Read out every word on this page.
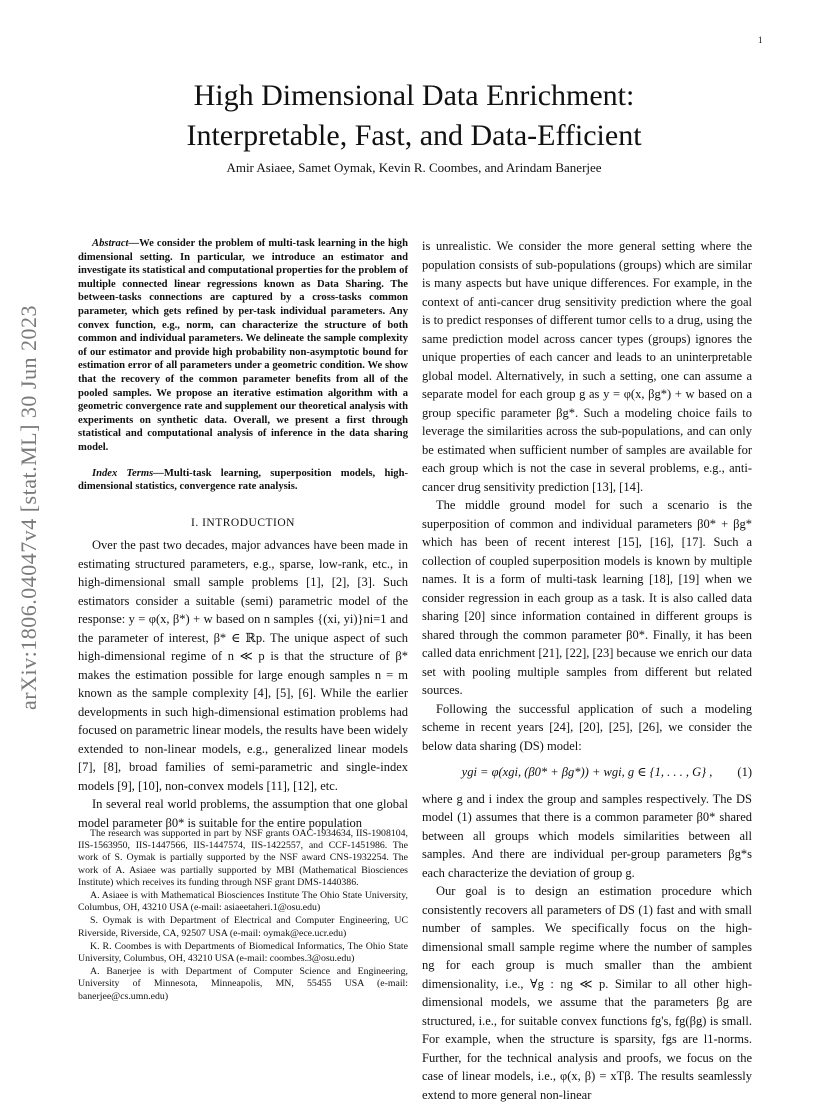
1
arXiv:1806.04047v4 [stat.ML] 30 Jun 2023
High Dimensional Data Enrichment:
Interpretable, Fast, and Data-Efficient
Amir Asiaee, Samet Oymak, Kevin R. Coombes, and Arindam Banerjee

Abstract—We consider the problem of multi-task learning in the high dimensional setting. In particular, we introduce an estimator and investigate its statistical and computational properties for the problem of multiple connected linear regressions known as Data Sharing. The between-tasks connections are captured by a cross-tasks common parameter, which gets refined by per-task individual parameters. Any convex function, e.g., norm, can characterize the structure of both common and individual parameters. We delineate the sample complexity of our estimator and provide high probability non-asymptotic bound for estimation error of all parameters under a geometric condition. We show that the recovery of the common parameter benefits from all of the pooled samples. We propose an iterative estimation algorithm with a geometric convergence rate and supplement our theoretical analysis with experiments on synthetic data. Overall, we present a first through statistical and computational analysis of inference in the data sharing model.

Index Terms—Multi-task learning, superposition models, high-dimensional statistics, convergence rate analysis.

I. INTRODUCTION

Over the past two decades, major advances have been made in estimating structured parameters, e.g., sparse, low-rank, etc., in high-dimensional small sample problems [1], [2], [3]. Such estimators consider a suitable (semi) parametric model of the response: y = φ(x, β*) + w based on n samples {(xi, yi)}ni=1 and the parameter of interest, β* ∈ ℝp. The unique aspect of such high-dimensional regime of n ≪ p is that the structure of β* makes the estimation possible for large enough samples n = m known as the sample complexity [4], [5], [6]. While the earlier developments in such high-dimensional estimation problems had focused on parametric linear models, the results have been widely extended to non-linear models, e.g., generalized linear models [7], [8], broad families of semi-parametric and single-index models [9], [10], non-convex models [11], [12], etc.

In several real world problems, the assumption that one global model parameter β0* is suitable for the entire population

The research was supported in part by NSF grants OAC-1934634, IIS-1908104, IIS-1563950, IIS-1447566, IIS-1447574, IIS-1422557, and CCF-1451986. The work of S. Oymak is partially supported by the NSF award CNS-1932254. The work of A. Asiaee was partially supported by MBI (Mathematical Biosciences Institute) which receives its funding through NSF grant DMS-1440386.

A. Asiaee is with Mathematical Biosciences Institute The Ohio State University, Columbus, OH, 43210 USA (e-mail: asiaeetaheri.1@osu.edu)

S. Oymak is with Department of Electrical and Computer Engineering, UC Riverside, Riverside, CA, 92507 USA (e-mail: oymak@ece.ucr.edu)

K. R. Coombes is with Departments of Biomedical Informatics, The Ohio State University, Columbus, OH, 43210 USA (e-mail: coombes.3@osu.edu)

A. Banerjee is with Department of Computer Science and Engineering, University of Minnesota, Minneapolis, MN, 55455 USA (e-mail: banerjee@cs.umn.edu)

is unrealistic. We consider the more general setting where the population consists of sub-populations (groups) which are similar is many aspects but have unique differences. For example, in the context of anti-cancer drug sensitivity prediction where the goal is to predict responses of different tumor cells to a drug, using the same prediction model across cancer types (groups) ignores the unique properties of each cancer and leads to an uninterpretable global model. Alternatively, in such a setting, one can assume a separate model for each group g as y = φ(x, βg*) + w based on a group specific parameter βg*. Such a modeling choice fails to leverage the similarities across the sub-populations, and can only be estimated when sufficient number of samples are available for each group which is not the case in several problems, e.g., anti-cancer drug sensitivity prediction [13], [14].

The middle ground model for such a scenario is the superposition of common and individual parameters β0* + βg* which has been of recent interest [15], [16], [17]. Such a collection of coupled superposition models is known by multiple names. It is a form of multi-task learning [18], [19] when we consider regression in each group as a task. It is also called data sharing [20] since information contained in different groups is shared through the common parameter β0*. Finally, it has been called data enrichment [21], [22], [23] because we enrich our data set with pooling multiple samples from different but related sources.

Following the successful application of such a modeling scheme in recent years [24], [20], [25], [26], we consider the below data sharing (DS) model:

ygi = φ(xgi, (β0* + βg*)) + wgi, g ∈ {1, . . . , G} , (1)

where g and i index the group and samples respectively. The DS model (1) assumes that there is a common parameter β0* shared between all groups which models similarities between all samples. And there are individual per-group parameters βg*s each characterize the deviation of group g.

Our goal is to design an estimation procedure which consistently recovers all parameters of DS (1) fast and with small number of samples. We specifically focus on the high-dimensional small sample regime where the number of samples ng for each group is much smaller than the ambient dimensionality, i.e., ∀g : ng ≪ p. Similar to all other high-dimensional models, we assume that the parameters βg are structured, i.e., for suitable convex functions fg's, fg(βg) is small. For example, when the structure is sparsity, fgs are l1-norms. Further, for the technical analysis and proofs, we focus on the case of linear models, i.e., φ(x, β) = xTβ. The results seamlessly extend to more general non-linear
